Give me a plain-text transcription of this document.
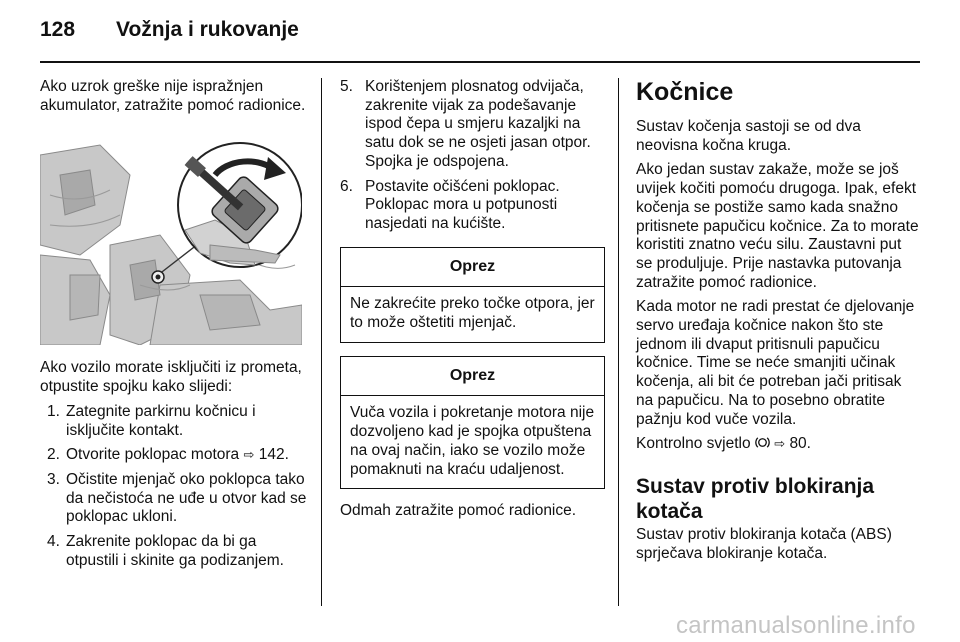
128 Vožnja i rukovanje

Ako uzrok greške nije ispražnjen akumulator, zatražite pomoć radionice.

Ako vozilo morate isključiti iz prometa, otpustite spojku kako slijedi:

1. Zategnite parkirnu kočnicu i isključite kontakt.
2. Otvorite poklopac motora ⇨ 142.
3. Očistite mjenjač oko poklopca tako da nečistoća ne uđe u otvor kad se poklopac ukloni.
4. Zakrenite poklopac da bi ga otpustili i skinite ga podizanjem.
5. Korištenjem plosnatog odvijača, zakrenite vijak za podešavanje ispod čepa u smjeru kazaljki na satu dok se ne osjeti jasan otpor. Spojka je odspojena.
6. Postavite očišćeni poklopac. Poklopac mora u potpunosti nasjedati na kućište.
Oprez
Ne zakrećite preko točke otpora, jer to može oštetiti mjenjač.
Oprez
Vuča vozila i pokretanje motora nije dozvoljeno kad je spojka otpuštena na ovaj način, iako se vozilo može pomaknuti na kraću udaljenost.

Odmah zatražite pomoć radionice.

Kočnice

Sustav kočenja sastoji se od dva neovisna kočna kruga.

Ako jedan sustav zakaže, može se još uvijek kočiti pomoću drugoga. Ipak, efekt kočenja se postiže samo kada snažno pritisnete papučicu kočnice. Za to morate koristiti znatno veću silu. Zaustavni put se produljuje. Prije nastavka putovanja zatražite pomoć radionice.

Kada motor ne radi prestat će djelovanje servo uređaja kočnice nakon što ste jednom ili dvaput pritisnuli papučicu kočnice. Time se neće smanjiti učinak kočenja, ali bit će potreban jači pritisak na papučicu. Na to posebno obratite pažnju kod vuče vozila.

Kontrolno svjetlo ⇨ 80.

Sustav protiv blokiranja kotača

Sustav protiv blokiranja kotača (ABS) sprječava blokiranje kotača.

carmanualsonline.info
